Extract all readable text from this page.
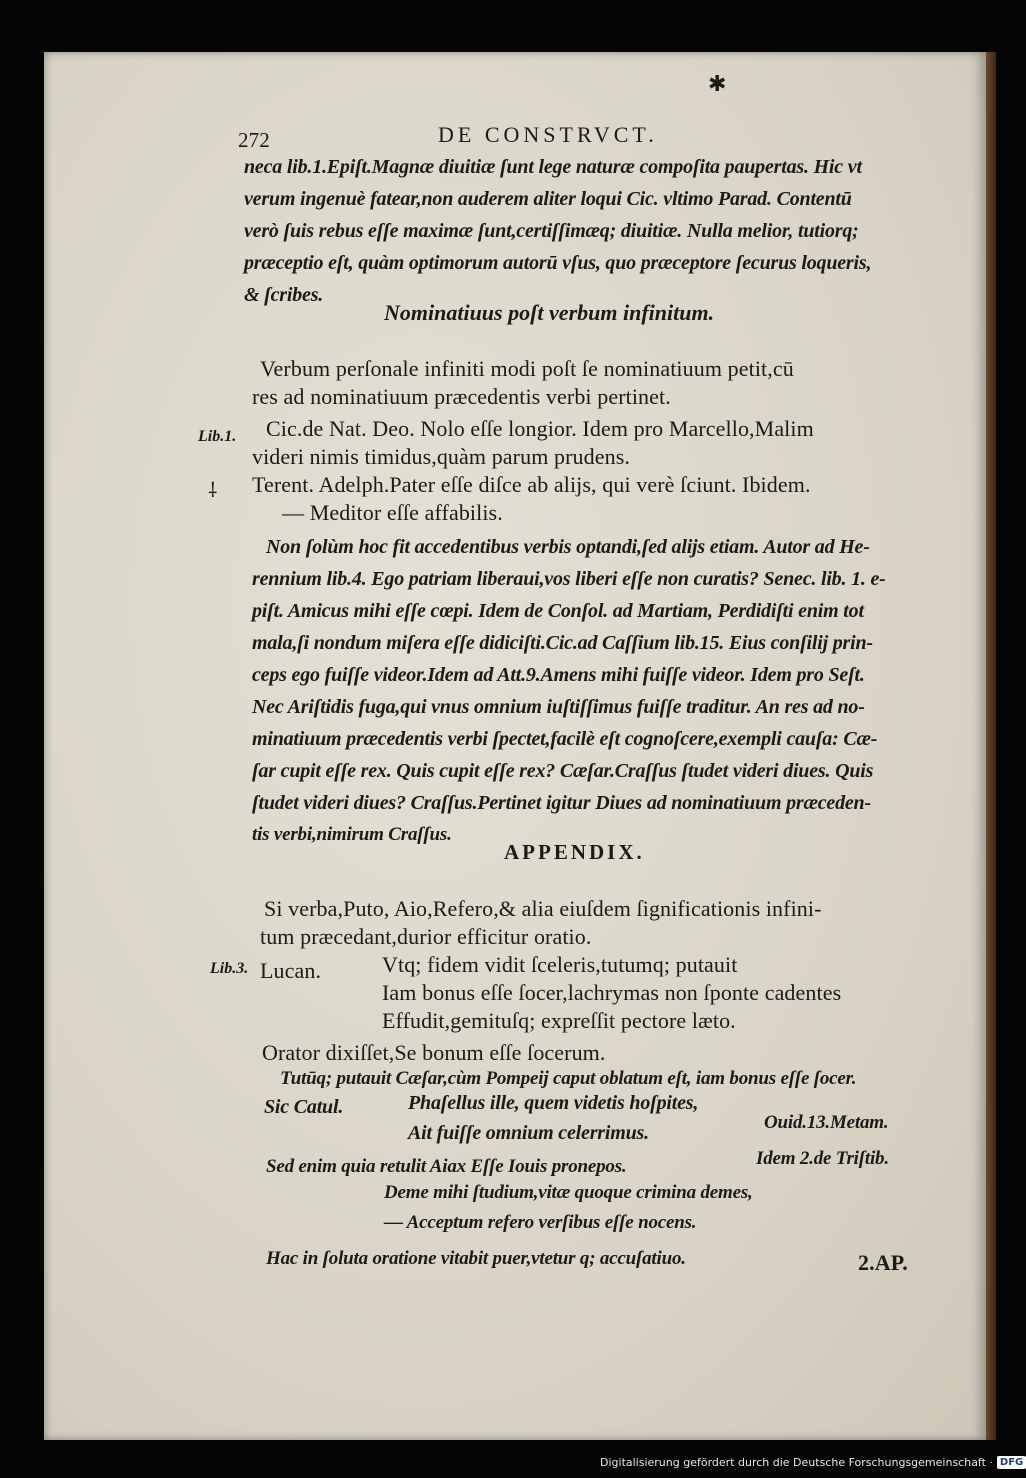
✱
272	DE CONSTRVCT.
neca lib.1.Epiſt.Magnæ diuitiæ ſunt lege naturæ compoſita paupertas. Hic vt
verum ingenuè fatear,non auderem aliter loqui Cic. vltimo Parad. Contentū
verò ſuis rebus eſſe maximæ ſunt,certiſſimæq; diuitiæ. Nulla melior, tutiorq;
præceptio eſt, quàm optimorum autorū vſus, quo præceptore ſecurus loqueris,
& ſcribes.
Nominatiuus poſt verbum infinitum.
Verbum perſonale infiniti modi poſt ſe nominatiuum petit,cū
res ad nominatiuum præcedentis verbi pertinet.
Lib.1.
⸸
Cic.de Nat. Deo. Nolo eſſe longior. Idem pro Marcello,Malim
videri nimis timidus,quàm parum prudens.
Terent. Adelph.Pater eſſe diſce ab alijs, qui verè ſciunt. Ibidem.
— Meditor eſſe affabilis.
Non ſolùm hoc fit accedentibus verbis optandi,ſed alijs etiam. Autor ad He-
rennium lib.4. Ego patriam liberaui,vos liberi eſſe non curatis? Senec. lib. 1. e-
piſt. Amicus mihi eſſe cœpi. Idem de Conſol. ad Martiam, Perdidiſti enim tot
mala,ſi nondum miſera eſſe didiciſti.Cic.ad Caſſium lib.15. Eius conſilij prin-
ceps ego fuiſſe videor.Idem ad Att.9.Amens mihi fuiſſe videor. Idem pro Seſt.
Nec Ariſtidis fuga,qui vnus omnium iuſtiſſimus fuiſſe traditur. An res ad no-
minatiuum præcedentis verbi ſpectet,facilè eſt cognoſcere,exempli cauſa: Cæ-
ſar cupit eſſe rex. Quis cupit eſſe rex? Cæſar.Craſſus ſtudet videri diues. Quis
ſtudet videri diues? Craſſus.Pertinet igitur Diues ad nominatiuum præceden-
tis verbi,nimirum Craſſus.
APPENDIX.
Si verba,Puto, Aio,Refero,& alia eiuſdem ſignificationis infini-
tum præcedant,durior efficitur oratio.
Lib.3. Lucan.	Vtq; fidem vidit ſceleris,tutumq; putauit
Iam bonus eſſe ſocer,lachrymas non ſponte cadentes
Effudit,gemituſq; expreſſit pectore læto.
Orator dixiſſet,Se bonum eſſe ſocerum.
Tutūq; putauit Cæſar,cùm Pompeij caput oblatum eſt, iam bonus eſſe ſocer.
Sic Catul.	Phaſellus ille, quem videtis hoſpites,
Ait fuiſſe omnium celerrimus.	Ouid.13.Metam.
Sed enim quia retulit Aiax Eſſe Iouis pronepos.	Idem 2.de Triſtib.
Deme mihi ſtudium,vitæ quoque crimina demes,
— Acceptum refero verſibus eſſe nocens.
Hac in ſoluta oratione vitabit puer,vtetur q; accuſatiuo.	2.AP.
Digitalisierung gefördert durch die Deutsche Forschungsgemeinschaft · DFG
